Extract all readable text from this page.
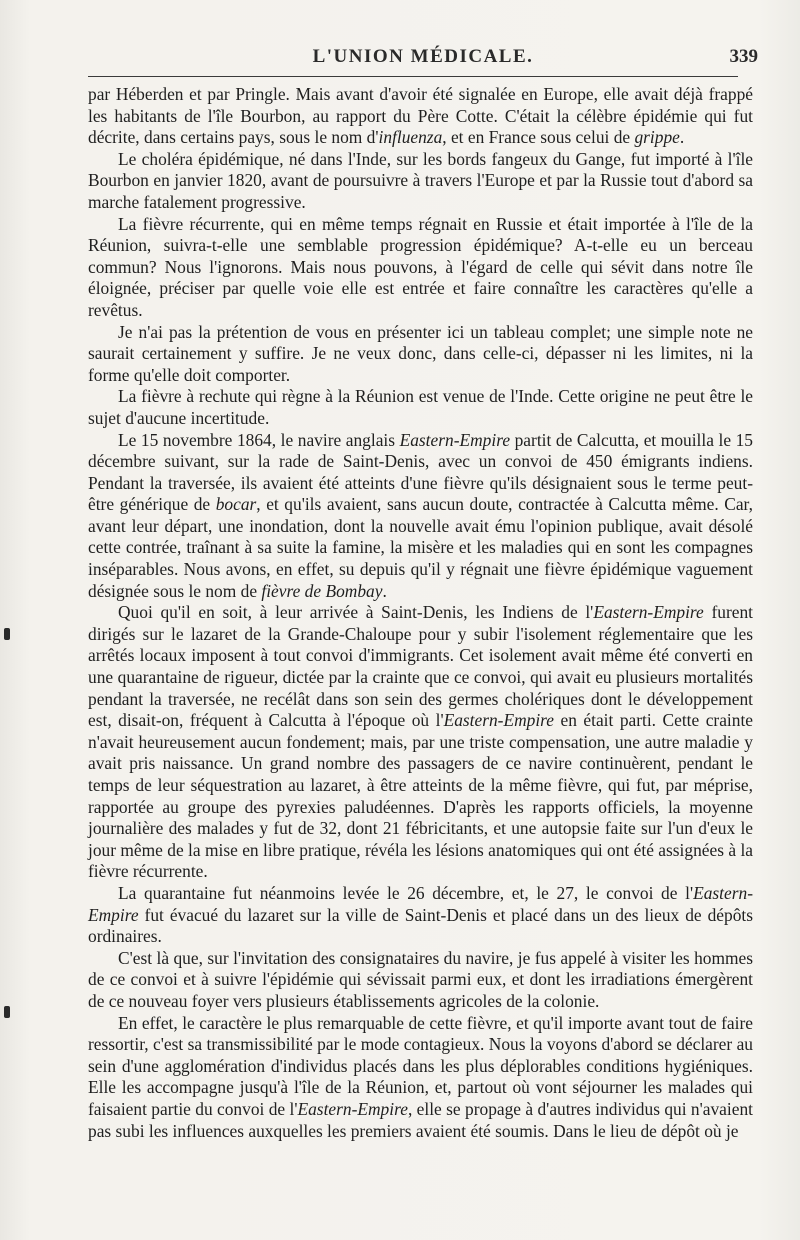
L'UNION MÉDICALE.	339

par Héberden et par Pringle. Mais avant d'avoir été signalée en Europe, elle avait déjà frappé les habitants de l'île Bourbon, au rapport du Père Cotte. C'était la célèbre épidémie qui fut décrite, dans certains pays, sous le nom d'influenza, et en France sous celui de grippe.

Le choléra épidémique, né dans l'Inde, sur les bords fangeux du Gange, fut importé à l'île Bourbon en janvier 1820, avant de poursuivre à travers l'Europe et par la Russie tout d'abord sa marche fatalement progressive.

La fièvre récurrente, qui en même temps régnait en Russie et était importée à l'île de la Réunion, suivra-t-elle une semblable progression épidémique? A-t-elle eu un berceau commun? Nous l'ignorons. Mais nous pouvons, à l'égard de celle qui sévit dans notre île éloignée, préciser par quelle voie elle est entrée et faire connaître les caractères qu'elle a revêtus.

Je n'ai pas la prétention de vous en présenter ici un tableau complet; une simple note ne saurait certainement y suffire. Je ne veux donc, dans celle-ci, dépasser ni les limites, ni la forme qu'elle doit comporter.

La fièvre à rechute qui règne à la Réunion est venue de l'Inde. Cette origine ne peut être le sujet d'aucune incertitude.

Le 15 novembre 1864, le navire anglais Eastern-Empire partit de Calcutta, et mouilla le 15 décembre suivant, sur la rade de Saint-Denis, avec un convoi de 450 émigrants indiens. Pendant la traversée, ils avaient été atteints d'une fièvre qu'ils désignaient sous le terme peut-être générique de bocar, et qu'ils avaient, sans aucun doute, contractée à Calcutta même. Car, avant leur départ, une inondation, dont la nouvelle avait ému l'opinion publique, avait désolé cette contrée, traînant à sa suite la famine, la misère et les maladies qui en sont les compagnes inséparables. Nous avons, en effet, su depuis qu'il y régnait une fièvre épidémique vaguement désignée sous le nom de fièvre de Bombay.

Quoi qu'il en soit, à leur arrivée à Saint-Denis, les Indiens de l'Eastern-Empire furent dirigés sur le lazaret de la Grande-Chaloupe pour y subir l'isolement réglementaire que les arrêtés locaux imposent à tout convoi d'immigrants. Cet isolement avait même été converti en une quarantaine de rigueur, dictée par la crainte que ce convoi, qui avait eu plusieurs mortalités pendant la traversée, ne recélât dans son sein des germes cholériques dont le développement est, disait-on, fréquent à Calcutta à l'époque où l'Eastern-Empire en était parti. Cette crainte n'avait heureusement aucun fondement; mais, par une triste compensation, une autre maladie y avait pris naissance. Un grand nombre des passagers de ce navire continuèrent, pendant le temps de leur séquestration au lazaret, à être atteints de la même fièvre, qui fut, par méprise, rapportée au groupe des pyrexies paludéennes. D'après les rapports officiels, la moyenne journalière des malades y fut de 32, dont 21 fébricitants, et une autopsie faite sur l'un d'eux le jour même de la mise en libre pratique, révéla les lésions anatomiques qui ont été assignées à la fièvre récurrente.

La quarantaine fut néanmoins levée le 26 décembre, et, le 27, le convoi de l'Eastern-Empire fut évacué du lazaret sur la ville de Saint-Denis et placé dans un des lieux de dépôts ordinaires.

C'est là que, sur l'invitation des consignataires du navire, je fus appelé à visiter les hommes de ce convoi et à suivre l'épidémie qui sévissait parmi eux, et dont les irradiations émergèrent de ce nouveau foyer vers plusieurs établissements agricoles de la colonie.

En effet, le caractère le plus remarquable de cette fièvre, et qu'il importe avant tout de faire ressortir, c'est sa transmissibilité par le mode contagieux. Nous la voyons d'abord se déclarer au sein d'une agglomération d'individus placés dans les plus déplorables conditions hygiéniques. Elle les accompagne jusqu'à l'île de la Réunion, et, partout où vont séjourner les malades qui faisaient partie du convoi de l'Eastern-Empire, elle se propage à d'autres individus qui n'avaient pas subi les influences auxquelles les premiers avaient été soumis. Dans le lieu de dépôt où je
